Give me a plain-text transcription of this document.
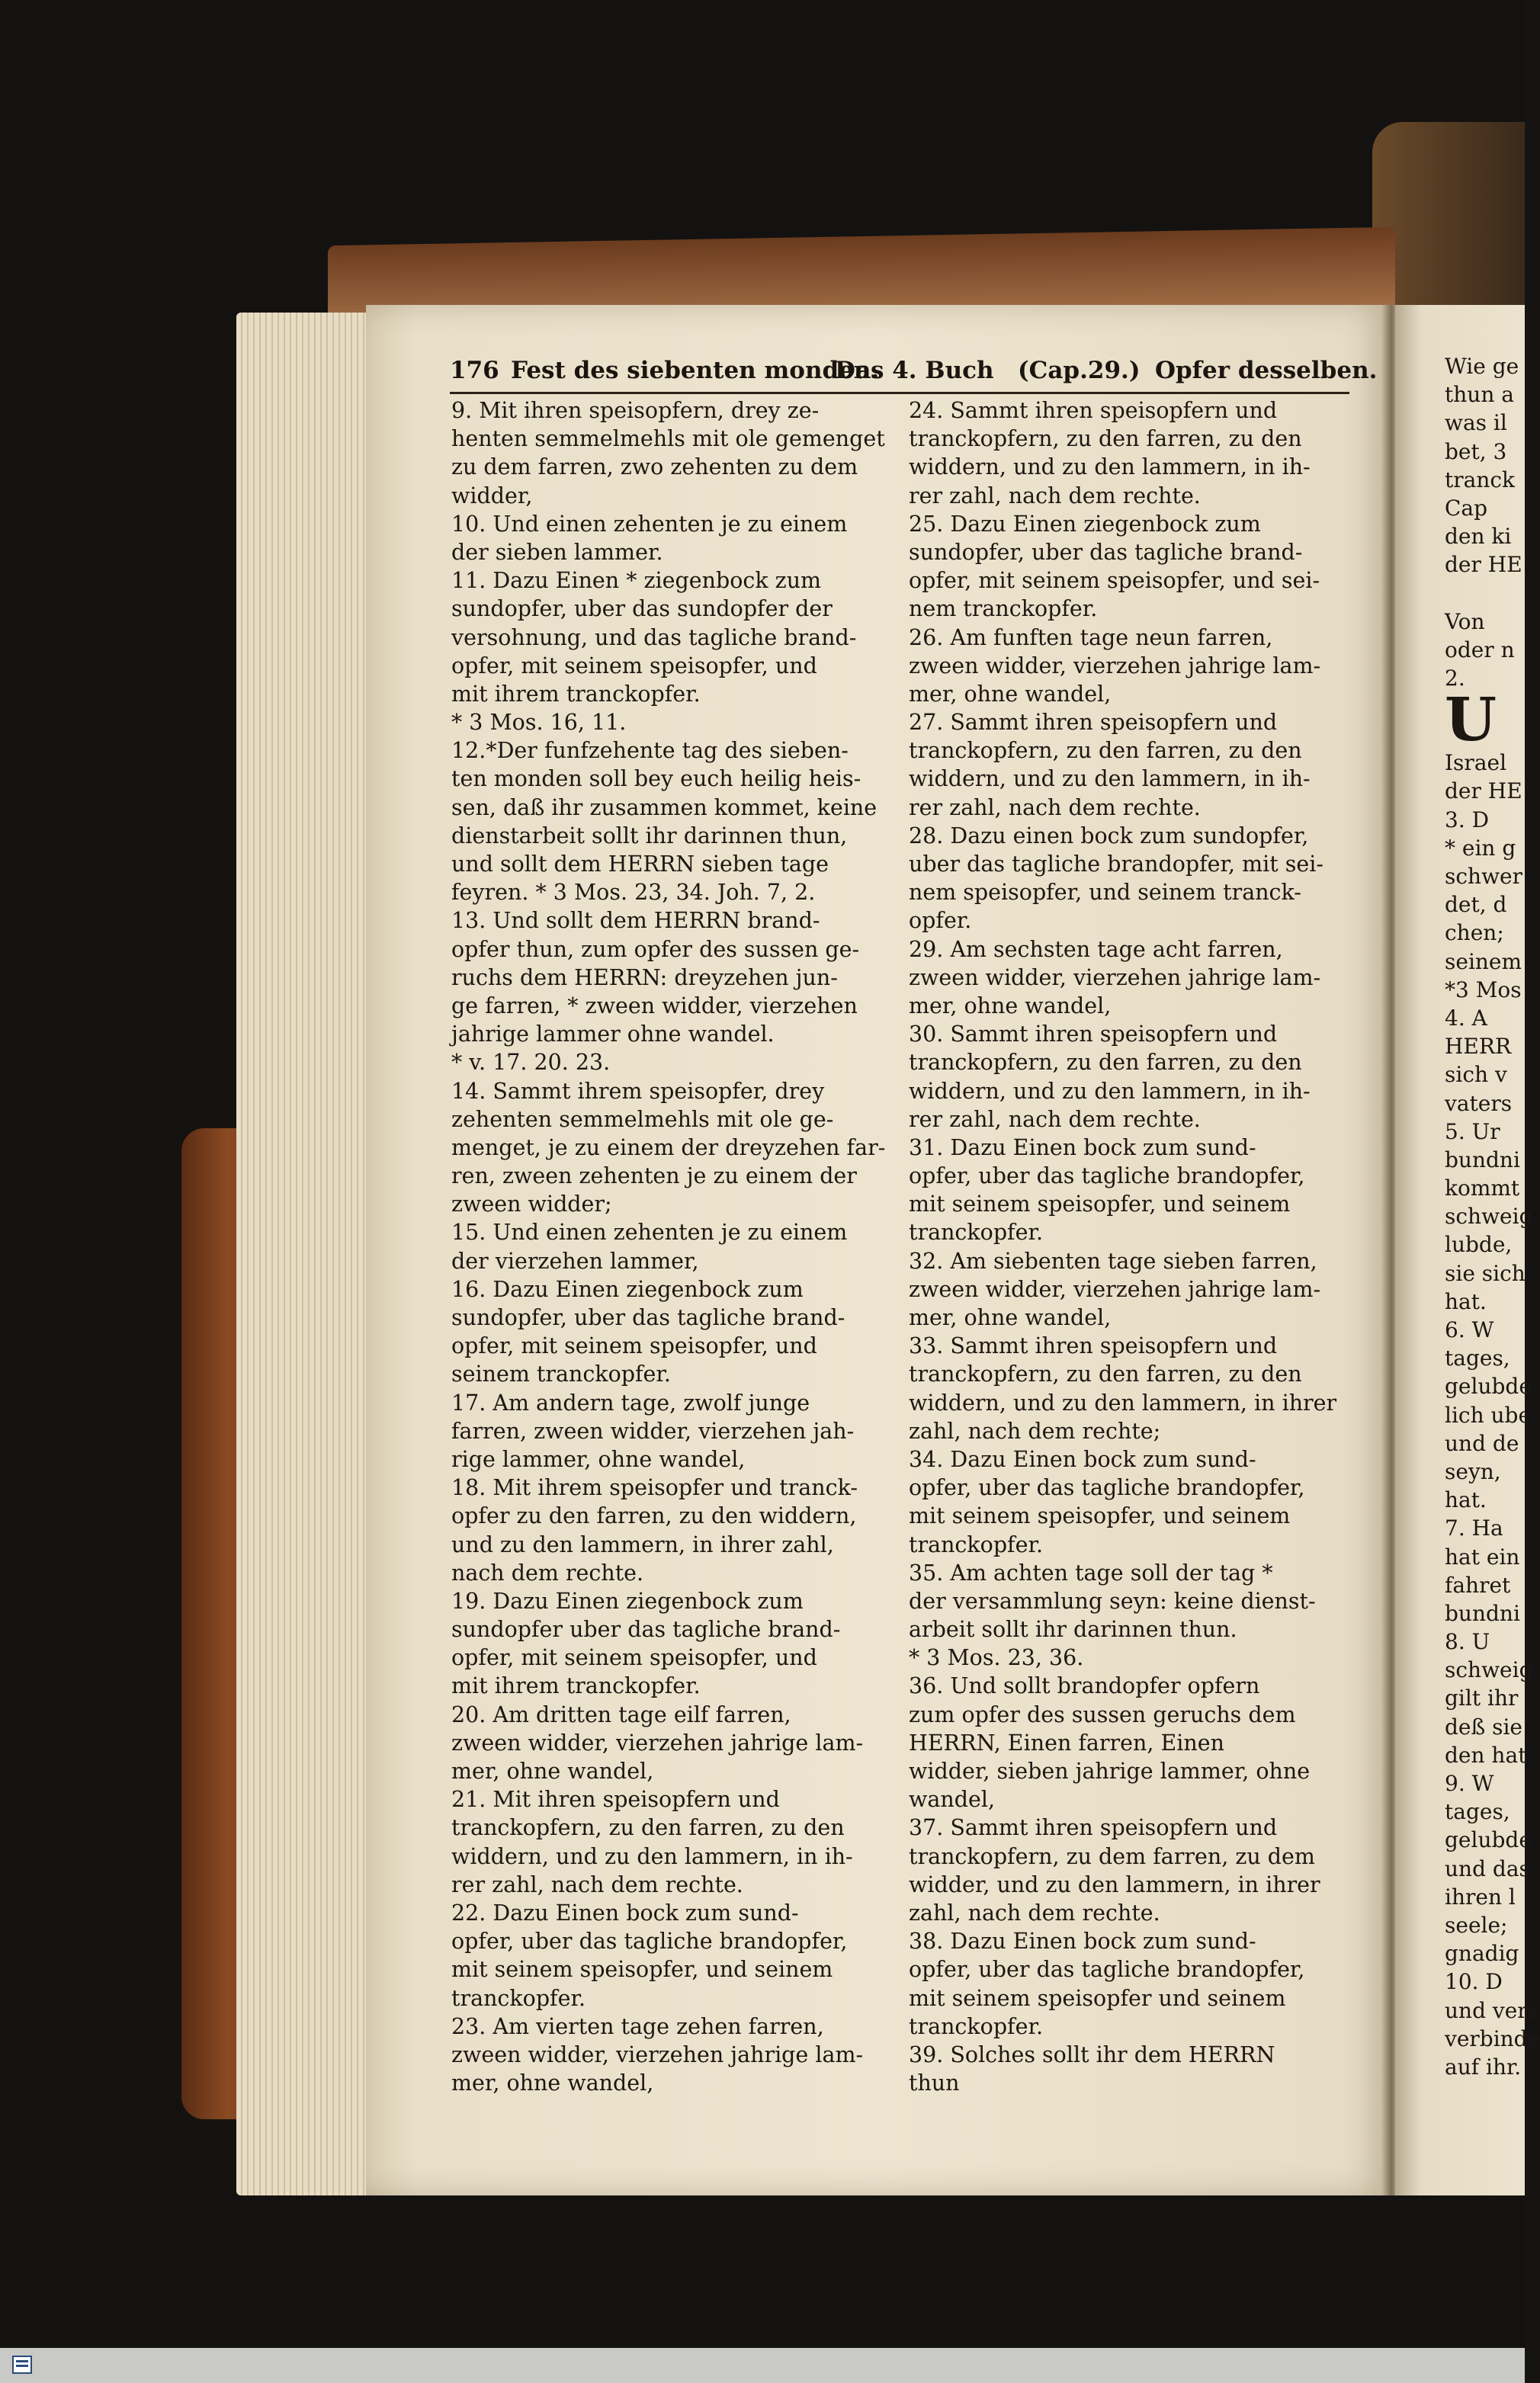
176 Fest des siebenten monden.
Das 4. Buch (Cap.29.) Opfer desselben.
9. Mit ihren speisopfern, drey ze-
henten semmelmehls mit ole gemenget
zu dem farren, zwo zehenten zu dem
widder,
10. Und einen zehenten je zu einem
der sieben lammer.
11. Dazu Einen * ziegenbock zum
sundopfer, uber das sundopfer der
versohnung, und das tagliche brand-
opfer, mit seinem speisopfer, und
mit ihrem tranckopfer.
* 3 Mos. 16, 11.
12.*Der funfzehente tag des sieben-
ten monden soll bey euch heilig heis-
sen, daß ihr zusammen kommet, keine
dienstarbeit sollt ihr darinnen thun,
und sollt dem HERRN sieben tage
feyren. * 3 Mos. 23, 34. Joh. 7, 2.
13. Und sollt dem HERRN brand-
opfer thun, zum opfer des sussen ge-
ruchs dem HERRN: dreyzehen jun-
ge farren, * zween widder, vierzehen
jahrige lammer ohne wandel.
* v. 17. 20. 23.
14. Sammt ihrem speisopfer, drey
zehenten semmelmehls mit ole ge-
menget, je zu einem der dreyzehen far-
ren, zween zehenten je zu einem der
zween widder;
15. Und einen zehenten je zu einem
der vierzehen lammer,
16. Dazu Einen ziegenbock zum
sundopfer, uber das tagliche brand-
opfer, mit seinem speisopfer, und
seinem tranckopfer.
17. Am andern tage, zwolf junge
farren, zween widder, vierzehen jah-
rige lammer, ohne wandel,
18. Mit ihrem speisopfer und tranck-
opfer zu den farren, zu den widdern,
und zu den lammern, in ihrer zahl,
nach dem rechte.
19. Dazu Einen ziegenbock zum
sundopfer uber das tagliche brand-
opfer, mit seinem speisopfer, und
mit ihrem tranckopfer.
20. Am dritten tage eilf farren,
zween widder, vierzehen jahrige lam-
mer, ohne wandel,
21. Mit ihren speisopfern und
tranckopfern, zu den farren, zu den
widdern, und zu den lammern, in ih-
rer zahl, nach dem rechte.
22. Dazu Einen bock zum sund-
opfer, uber das tagliche brandopfer,
mit seinem speisopfer, und seinem
tranckopfer.
23. Am vierten tage zehen farren,
zween widder, vierzehen jahrige lam-
mer, ohne wandel,
24. Sammt ihren speisopfern und
tranckopfern, zu den farren, zu den
widdern, und zu den lammern, in ih-
rer zahl, nach dem rechte.
25. Dazu Einen ziegenbock zum
sundopfer, uber das tagliche brand-
opfer, mit seinem speisopfer, und sei-
nem tranckopfer.
26. Am funften tage neun farren,
zween widder, vierzehen jahrige lam-
mer, ohne wandel,
27. Sammt ihren speisopfern und
tranckopfern, zu den farren, zu den
widdern, und zu den lammern, in ih-
rer zahl, nach dem rechte.
28. Dazu einen bock zum sundopfer,
uber das tagliche brandopfer, mit sei-
nem speisopfer, und seinem tranck-
opfer.
29. Am sechsten tage acht farren,
zween widder, vierzehen jahrige lam-
mer, ohne wandel,
30. Sammt ihren speisopfern und
tranckopfern, zu den farren, zu den
widdern, und zu den lammern, in ih-
rer zahl, nach dem rechte.
31. Dazu Einen bock zum sund-
opfer, uber das tagliche brandopfer,
mit seinem speisopfer, und seinem
tranckopfer.
32. Am siebenten tage sieben farren,
zween widder, vierzehen jahrige lam-
mer, ohne wandel,
33. Sammt ihren speisopfern und
tranckopfern, zu den farren, zu den
widdern, und zu den lammern, in ihrer
zahl, nach dem rechte;
34. Dazu Einen bock zum sund-
opfer, uber das tagliche brandopfer,
mit seinem speisopfer, und seinem
tranckopfer.
35. Am achten tage soll der tag *
der versammlung seyn: keine dienst-
arbeit sollt ihr darinnen thun.
* 3 Mos. 23, 36.
36. Und sollt brandopfer opfern
zum opfer des sussen geruchs dem
HERRN, Einen farren, Einen
widder, sieben jahrige lammer, ohne
wandel,
37. Sammt ihren speisopfern und
tranckopfern, zu dem farren, zu dem
widder, und zu den lammern, in ihrer
zahl, nach dem rechte.
38. Dazu Einen bock zum sund-
opfer, uber das tagliche brandopfer,
mit seinem speisopfer und seinem
tranckopfer.
39. Solches sollt ihr dem HERRN
thun
Wie ge
thun a
was il
bet, 3
tranck
Cap
den ki
der HE
Von
oder n
2.
U
Israel
der HE
3. D
* ein g
schwer
det, d
chen;
seinem
*3 Mos
4. A
HERR
sich v
vaters
5. Ur
bundni
kommt
schweig
lubde,
sie sich
hat.
6. W
tages,
gelubde
lich ube
und de
seyn,
hat.
7. Ha
hat ein
fahret
bundni
8. U
schweig
gilt ihr
deß sie
den hat
9. W
tages,
gelubde
und das
ihren l
seele;
gnadig
10. D
und vers
verbinde
auf ihr.
